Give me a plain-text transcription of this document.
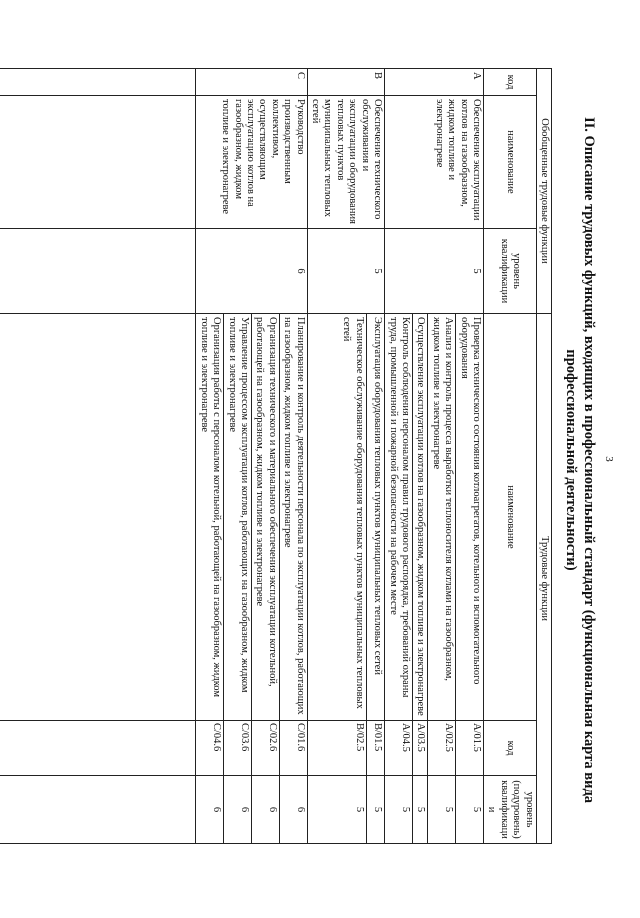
3
II. Описание трудовых функций, входящих в профессиональный стандарт (функциональная карта вида
профессиональной деятельности)
Обобщенные трудовые функции			Трудовые функции		
код	наименование	уровень квалификации	наименование	код	уровень (подуровень) квалификации
A	Обеспечение эксплуатации котлов на газообразном, жидком топливе и электронагреве	5	Проверка технического состояния котлоагрегатов, котельного и вспомогательного оборудования	A/01.5	5
			Анализ и контроль процесса выработки теплоносителя котлами на газообразном, жидком топливе и электронагреве	A/02.5	5
			Осуществление эксплуатации котлов на газообразном, жидком топливе и электронагреве	A/03.5	5
			Контроль соблюдения персоналом правил трудового распорядка, требований охраны труда, промышленной и пожарной безопасности на рабочем месте	A/04.5	5
B	Обеспечение технического обслуживания и эксплуатации оборудования тепловых пунктов муниципальных тепловых сетей	5	Эксплуатация оборудования тепловых пунктов муниципальных тепловых сетей	B/01.5	5
			Техническое обслуживание оборудования тепловых пунктов муниципальных тепловых сетей	B/02.5	5
C	Руководство производственным коллективом, осуществляющим эксплуатацию котлов на газообразном, жидком топливе и электронагреве	6	Планирование и контроль деятельности персонала по эксплуатации котлов, работающих на газообразном, жидком топливе и электронагреве	C/01.6	6
			Организация технического и материального обеспечения эксплуатации котельной, работающей на газообразном, жидком топливе и электронагреве	C/02.6	6
			Управление процессом эксплуатации котлов, работающих на газообразном, жидком топливе и электронагреве	C/03.6	6
			Организация работы с персоналом котельной, работающей на газообразном, жидком топливе и электронагреве	C/04.6	6
